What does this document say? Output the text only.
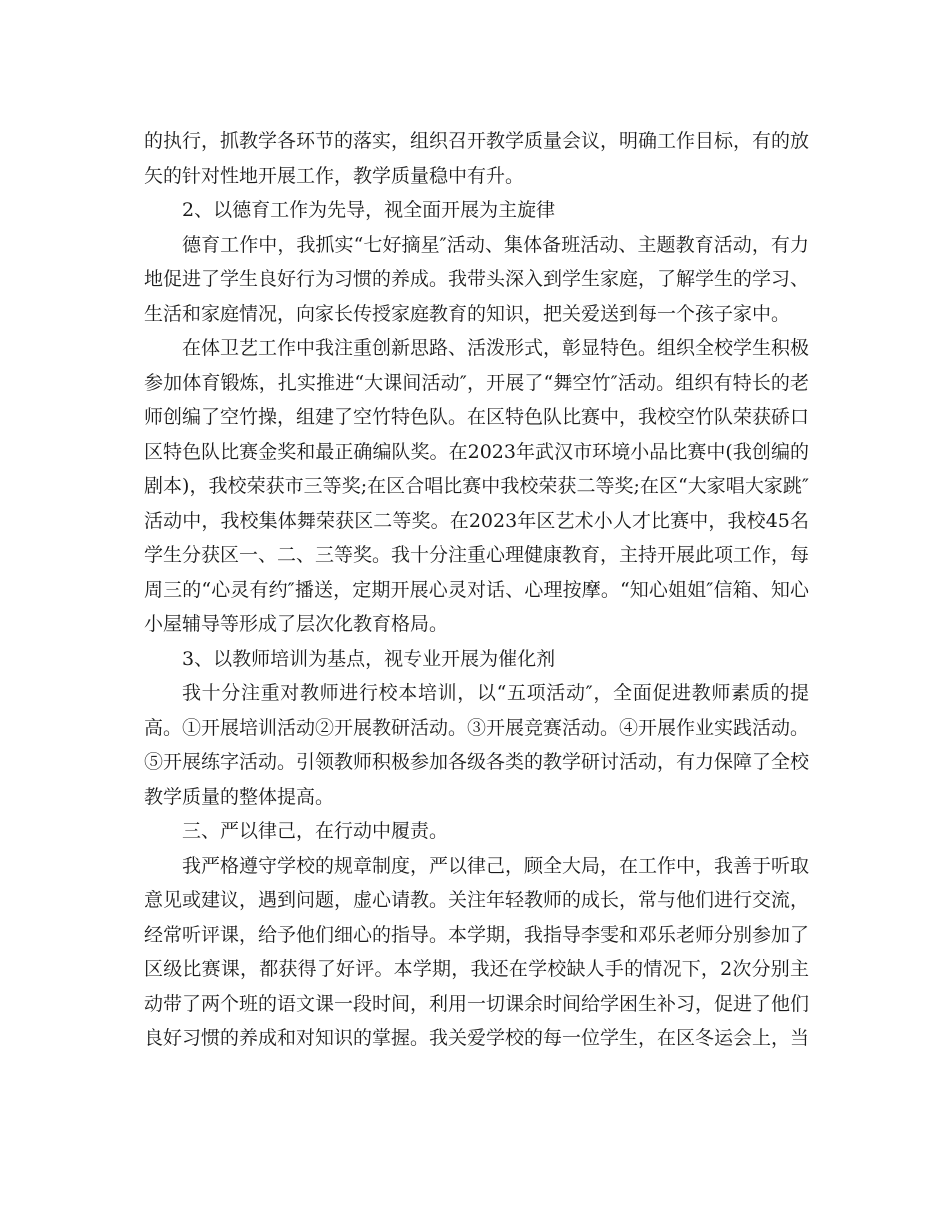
的执行，抓教学各环节的落实，组织召开教学质量会议，明确工作目标，有的放矢的针对性地开展工作，教学质量稳中有升。

2、以德育工作为先导，视全面开展为主旋律

德育工作中，我抓实“七好摘星″活动、集体备班活动、主题教育活动，有力地促进了学生良好行为习惯的养成。我带头深入到学生家庭，了解学生的学习、生活和家庭情况，向家长传授家庭教育的知识，把关爱送到每一个孩子家中。

在体卫艺工作中我注重创新思路、活泼形式，彰显特色。组织全校学生积极参加体育锻炼，扎实推进“大课间活动″，开展了“舞空竹″活动。组织有特长的老师创编了空竹操，组建了空竹特色队。在区特色队比赛中，我校空竹队荣获硚口区特色队比赛金奖和最正确编队奖。在2023年武汉市环境小品比赛中(我创编的剧本)，我校荣获市三等奖;在区合唱比赛中我校荣获二等奖;在区“大家唱大家跳″活动中，我校集体舞荣获区二等奖。在2023年区艺术小人才比赛中，我校45名学生分获区一、二、三等奖。我十分注重心理健康教育，主持开展此项工作，每周三的“心灵有约″播送，定期开展心灵对话、心理按摩。“知心姐姐″信箱、知心小屋辅导等形成了层次化教育格局。

3、以教师培训为基点，视专业开展为催化剂

我十分注重对教师进行校本培训，以“五项活动″，全面促进教师素质的提高。①开展培训活动②开展教研活动。③开展竞赛活动。④开展作业实践活动。⑤开展练字活动。引领教师积极参加各级各类的教学研讨活动，有力保障了全校教学质量的整体提高。

三、严以律己，在行动中履责。

我严格遵守学校的规章制度，严以律己，顾全大局，在工作中，我善于听取意见或建议，遇到问题，虚心请教。关注年轻教师的成长，常与他们进行交流，经常听评课，给予他们细心的指导。本学期，我指导李雯和邓乐老师分别参加了区级比赛课，都获得了好评。本学期，我还在学校缺人手的情况下，2次分别主动带了两个班的语文课一段时间，利用一切课余时间给学困生补习，促进了他们良好习惯的养成和对知识的掌握。我关爱学校的每一位学生，在区冬运会上，当
